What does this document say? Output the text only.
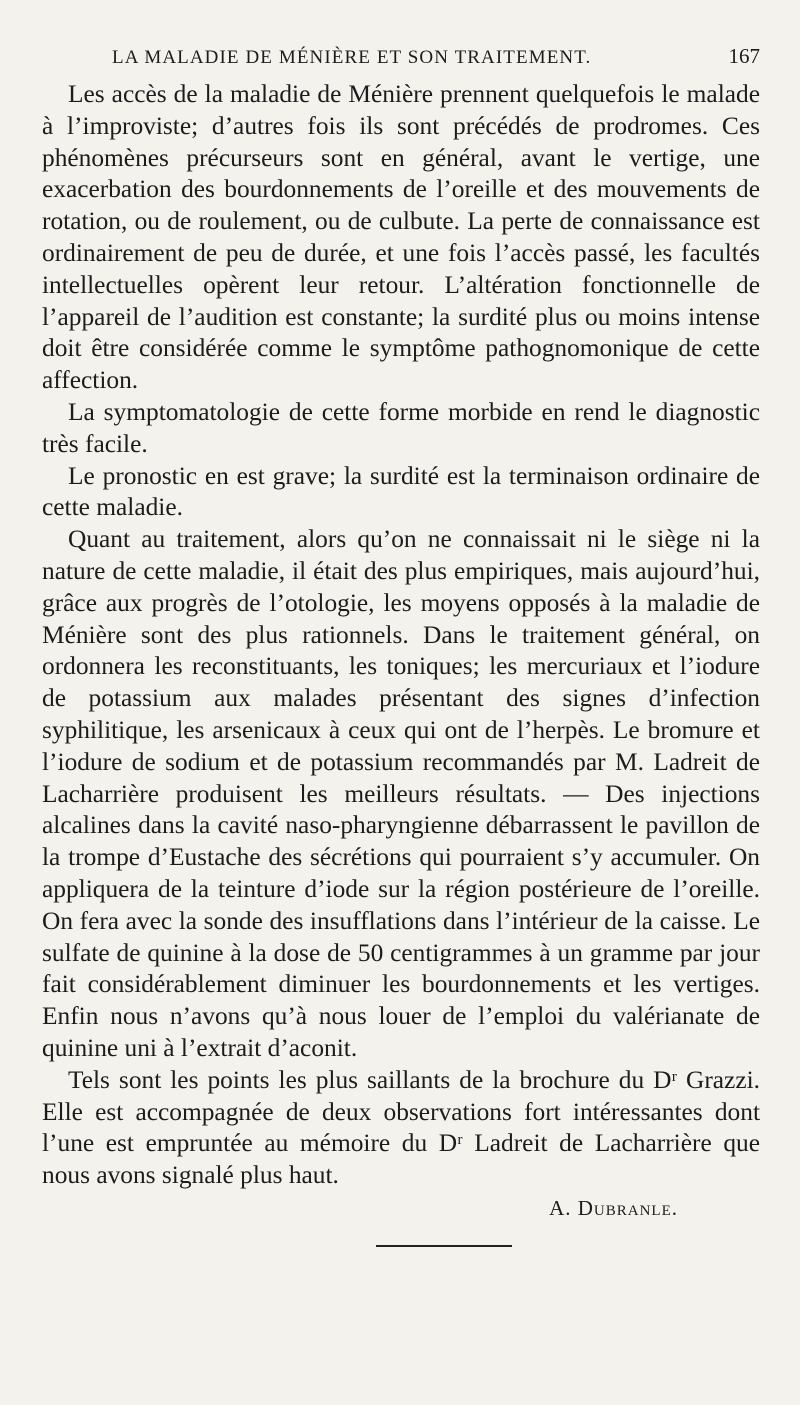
LA MALADIE DE MÉNIÈRE ET SON TRAITEMENT.	167

Les accès de la maladie de Ménière prennent quelquefois le malade à l’improviste; d’autres fois ils sont précédés de prodromes. Ces phénomènes précurseurs sont en général, avant le vertige, une exacerbation des bourdonnements de l’oreille et des mouvements de rotation, ou de roulement, ou de culbute. La perte de connaissance est ordinairement de peu de durée, et une fois l’accès passé, les facultés intellectuelles opèrent leur retour. L’altération fonctionnelle de l’appareil de l’audition est constante; la surdité plus ou moins intense doit être considérée comme le symptôme pathognomonique de cette affection.

La symptomatologie de cette forme morbide en rend le diagnostic très facile.

Le pronostic en est grave; la surdité est la terminaison ordinaire de cette maladie.

Quant au traitement, alors qu’on ne connaissait ni le siège ni la nature de cette maladie, il était des plus empiriques, mais aujourd’hui, grâce aux progrès de l’otologie, les moyens opposés à la maladie de Ménière sont des plus rationnels. Dans le traitement général, on ordonnera les reconstituants, les toniques; les mercuriaux et l’iodure de potassium aux malades présentant des signes d’infection syphilitique, les arsenicaux à ceux qui ont de l’herpès. Le bromure et l’iodure de sodium et de potassium recommandés par M. Ladreit de Lacharrière produisent les meilleurs résultats. — Des injections alcalines dans la cavité naso-pharyngienne débarrassent le pavillon de la trompe d’Eustache des sécrétions qui pourraient s’y accumuler. On appliquera de la teinture d’iode sur la région postérieure de l’oreille. On fera avec la sonde des insufflations dans l’intérieur de la caisse. Le sulfate de quinine à la dose de 50 centigrammes à un gramme par jour fait considérablement diminuer les bourdonnements et les vertiges. Enfin nous n’avons qu’à nous louer de l’emploi du valérianate de quinine uni à l’extrait d’aconit.

Tels sont les points les plus saillants de la brochure du Dʳ Grazzi. Elle est accompagnée de deux observations fort intéressantes dont l’une est empruntée au mémoire du Dʳ Ladreit de Lacharrière que nous avons signalé plus haut.

A. Dubranle.
